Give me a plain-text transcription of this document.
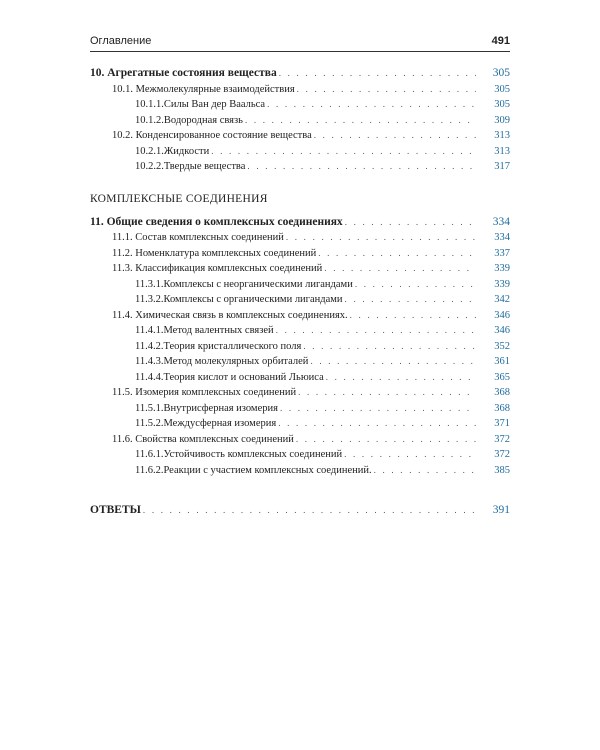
Оглавление	491
10. Агрегатные состояния вещества . . .	305
10.1. Межмолекулярные взаимодействия . . .	305
10.1.1.Силы Ван дер Ваальса . . .	305
10.1.2.Водородная связь . . .	309
10.2. Конденсированное состояние вещества . . .	313
10.2.1.Жидкости . . .	313
10.2.2.Твердые вещества . . .	317
КОМПЛЕКСНЫЕ СОЕДИНЕНИЯ
11. Общие сведения о комплексных соединениях . . .	334
11.1. Состав комплексных соединений . . .	334
11.2. Номенклатура комплексных соединений . . .	337
11.3. Классификация комплексных соединений . . .	339
11.3.1.Комплексы с неорганическими лигандами . . .	339
11.3.2.Комплексы с органическими лигандами . . .	342
11.4. Химическая связь в комплексных соединениях. . . .	346
11.4.1.Метод валентных связей . . .	346
11.4.2.Теория кристаллического поля . . .	352
11.4.3.Метод молекулярных орбиталей . . .	361
11.4.4.Теория кислот и оснований Льюиса . . .	365
11.5. Изомерия комплексных соединений . . .	368
11.5.1.Внутрисферная изомерия . . .	368
11.5.2.Междусферная изомерия . . .	371
11.6. Свойства комплексных соединений . . .	372
11.6.1.Устойчивость комплексных соединений . . .	372
11.6.2.Реакции с участием комплексных соединений. . . .	385
ОТВЕТЫ . . .	391
